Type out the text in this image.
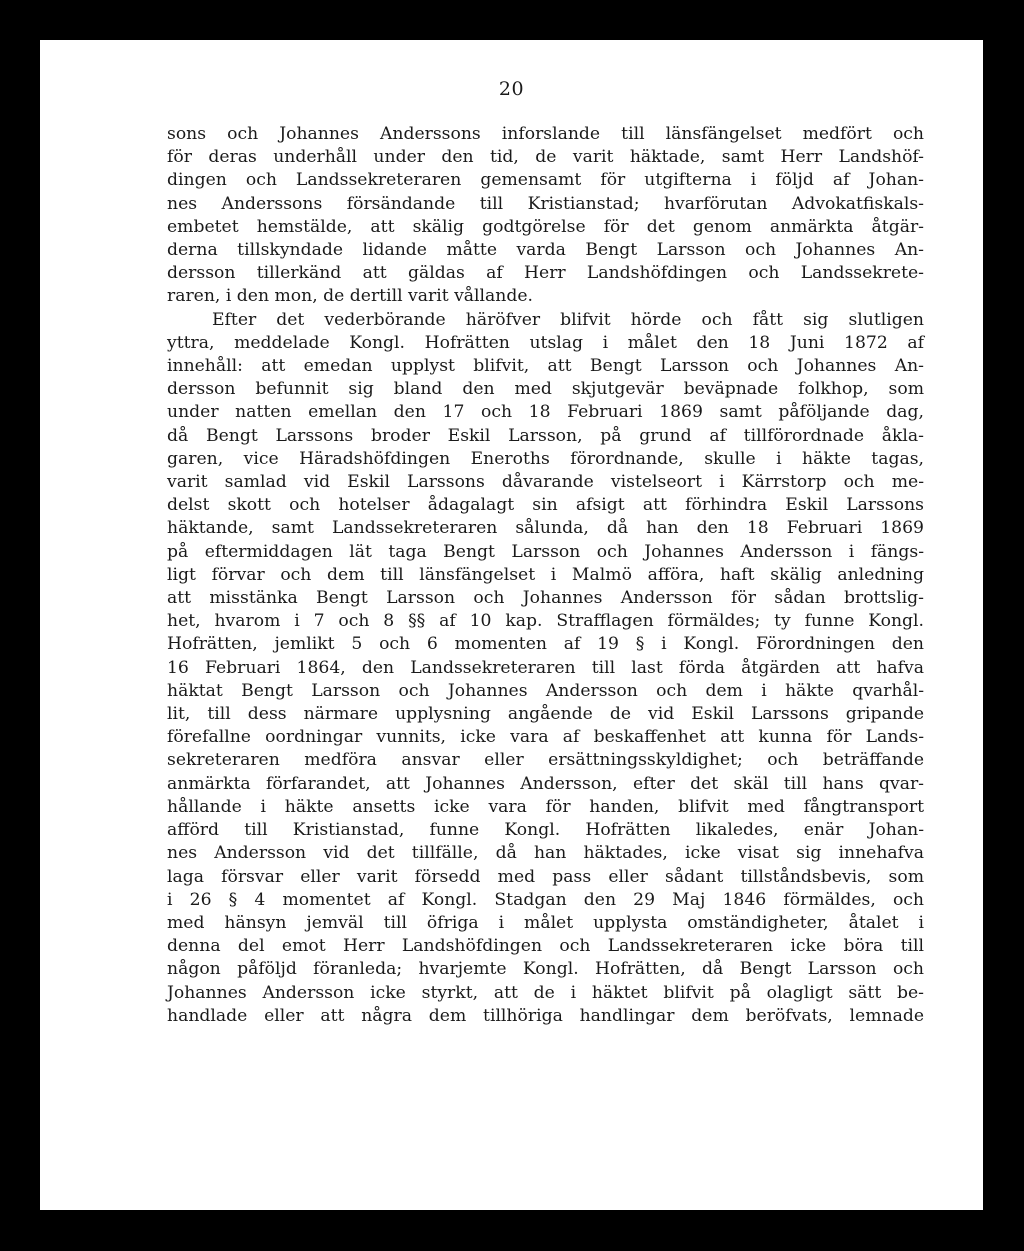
20
sons och Johannes Anderssons inforslande till länsfängelset medfört och
för deras underhåll under den tid, de varit häktade, samt Herr Landshöf-
dingen och Landssekreteraren gemensamt för utgifterna i följd af Johan-
nes Anderssons försändande till Kristianstad; hvarförutan Advokatfiskals-
embetet hemstälde, att skälig godtgörelse för det genom anmärkta åtgär-
derna tillskyndade lidande måtte varda Bengt Larsson och Johannes An-
dersson tillerkänd att gäldas af Herr Landshöfdingen och Landssekrete-
raren, i den mon, de dertill varit vållande.
Efter det vederbörande häröfver blifvit hörde och fått sig slutligen
yttra, meddelade Kongl. Hofrätten utslag i målet den 18 Juni 1872 af
innehåll: att emedan upplyst blifvit, att Bengt Larsson och Johannes An-
dersson befunnit sig bland den med skjutgevär beväpnade folkhop, som
under natten emellan den 17 och 18 Februari 1869 samt påföljande dag,
då Bengt Larssons broder Eskil Larsson, på grund af tillförordnade åkla-
garen, vice Häradshöfdingen Eneroths förordnande, skulle i häkte tagas,
varit samlad vid Eskil Larssons dåvarande vistelseort i Kärrstorp och me-
delst skott och hotelser ådagalagt sin afsigt att förhindra Eskil Larssons
häktande, samt Landssekreteraren sålunda, då han den 18 Februari 1869
på eftermiddagen lät taga Bengt Larsson och Johannes Andersson i fängs-
ligt förvar och dem till länsfängelset i Malmö afföra, haft skälig anledning
att misstänka Bengt Larsson och Johannes Andersson för sådan brottslig-
het, hvarom i 7 och 8 §§ af 10 kap. Strafflagen förmäldes; ty funne Kongl.
Hofrätten, jemlikt 5 och 6 momenten af 19 § i Kongl. Förordningen den
16 Februari 1864, den Landssekreteraren till last förda åtgärden att hafva
häktat Bengt Larsson och Johannes Andersson och dem i häkte qvarhål-
lit, till dess närmare upplysning angående de vid Eskil Larssons gripande
förefallne oordningar vunnits, icke vara af beskaffenhet att kunna för Lands-
sekreteraren medföra ansvar eller ersättningsskyldighet; och beträffande
anmärkta förfarandet, att Johannes Andersson, efter det skäl till hans qvar-
hållande i häkte ansetts icke vara för handen, blifvit med fångtransport
afförd till Kristianstad, funne Kongl. Hofrätten likaledes, enär Johan-
nes Andersson vid det tillfälle, då han häktades, icke visat sig innehafva
laga försvar eller varit försedd med pass eller sådant tillståndsbevis, som
i 26 § 4 momentet af Kongl. Stadgan den 29 Maj 1846 förmäldes, och
med hänsyn jemväl till öfriga i målet upplysta omständigheter, åtalet i
denna del emot Herr Landshöfdingen och Landssekreteraren icke böra till
någon påföljd föranleda; hvarjemte Kongl. Hofrätten, då Bengt Larsson och
Johannes Andersson icke styrkt, att de i häktet blifvit på olagligt sätt be-
handlade eller att några dem tillhöriga handlingar dem beröfvats, lemnade
